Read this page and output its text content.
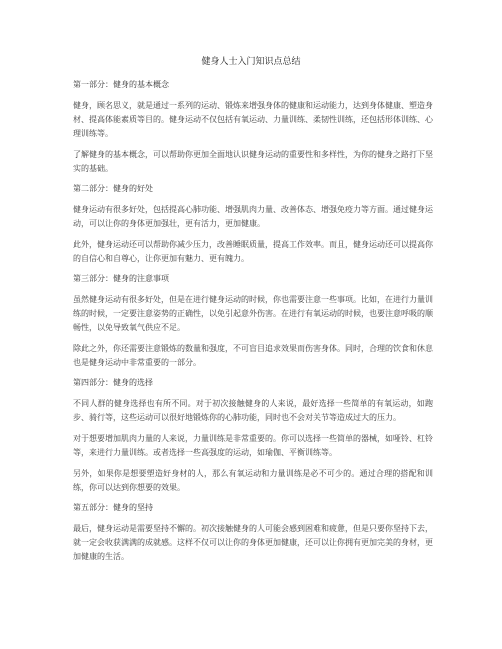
健身人士入门知识点总结
第一部分：健身的基本概念

健身，顾名思义，就是通过一系列的运动、锻炼来增强身体的健康和运动能力，达到身体健康、塑造身材、提高体能素质等目的。健身运动不仅包括有氧运动、力量训练、柔韧性训练，还包括形体训练、心理训练等。

了解健身的基本概念，可以帮助你更加全面地认识健身运动的重要性和多样性，为你的健身之路打下坚实的基础。

第二部分：健身的好处

健身运动有很多好处，包括提高心肺功能、增强肌肉力量、改善体态、增强免疫力等方面。通过健身运动，可以让你的身体更加强壮，更有活力，更加健康。

此外，健身运动还可以帮助你减少压力，改善睡眠质量，提高工作效率。而且，健身运动还可以提高你的自信心和自尊心，让你更加有魅力、更有魄力。

第三部分：健身的注意事项

虽然健身运动有很多好处，但是在进行健身运动的时候，你也需要注意一些事项。比如，在进行力量训练的时候，一定要注意姿势的正确性，以免引起意外伤害。在进行有氧运动的时候，也要注意呼吸的顺畅性，以免导致氧气供应不足。

除此之外，你还需要注意锻炼的数量和强度，不可盲目追求效果而伤害身体。同时，合理的饮食和休息也是健身运动中非常重要的一部分。

第四部分：健身的选择

不同人群的健身选择也有所不同。对于初次接触健身的人来说，最好选择一些简单的有氧运动，如跑步、骑行等，这些运动可以很好地锻炼你的心肺功能，同时也不会对关节等造成过大的压力。

对于想要增加肌肉力量的人来说，力量训练是非常重要的。你可以选择一些简单的器械，如哑铃、杠铃等，来进行力量训练。或者选择一些高强度的运动，如瑜伽、平衡训练等。

另外，如果你是想要塑造好身材的人，那么有氧运动和力量训练是必不可少的。通过合理的搭配和训练，你可以达到你想要的效果。

第五部分：健身的坚持

最后，健身运动是需要坚持不懈的。初次接触健身的人可能会感到困难和疲惫，但是只要你坚持下去，就一定会收获满满的成就感。这样不仅可以让你的身体更加健康，还可以让你拥有更加完美的身材，更加健康的生活。
